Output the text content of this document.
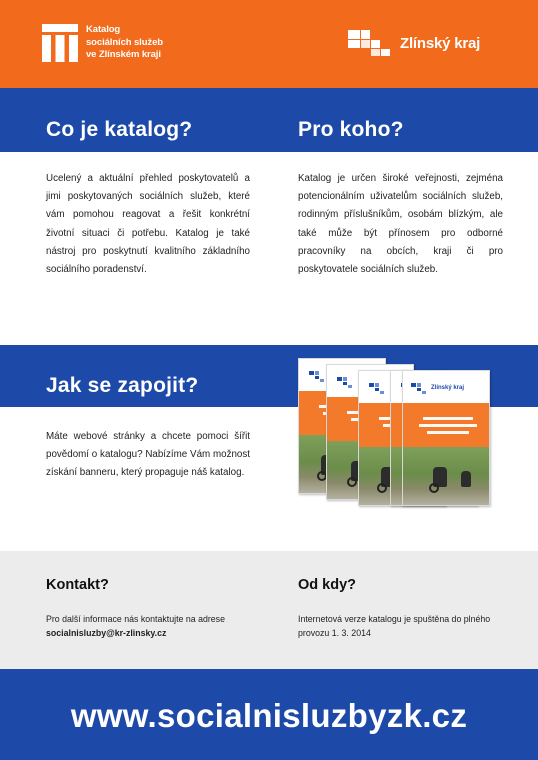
Katalog
sociálních služeb
ve Zlínském kraji
Zlínský kraj
Co je katalog?	Pro koho?
Ucelený a aktuální přehled poskytovatelů a jimi poskytovaných sociálních služeb, které vám pomohou reagovat a řešit konkrétní životní situaci či potřebu. Katalog je také nástroj pro poskytnutí kvalitního základního sociálního poradenství.
Katalog je určen široké veřejnosti, zejména potencionálním uživatelům sociálních služeb, rodinným příslušníkům, osobám blízkým, ale také může být přínosem pro odborné pracovníky na obcích, kraji či pro poskytovatele sociálních služeb.
Jak se zapojit?
Máte webové stránky a chcete pomoci šířit povědomí o katalogu? Nabízíme Vám možnost získání banneru, který propaguje náš katalog.
Zlínský kraj
Kontakt?
Pro další informace nás kontaktujte na adrese socialnisluzby@kr-zlinsky.cz
Od kdy?
Internetová verze katalogu je spuštěna do plného provozu 1. 3. 2014
www.socialnisluzbyzk.cz
